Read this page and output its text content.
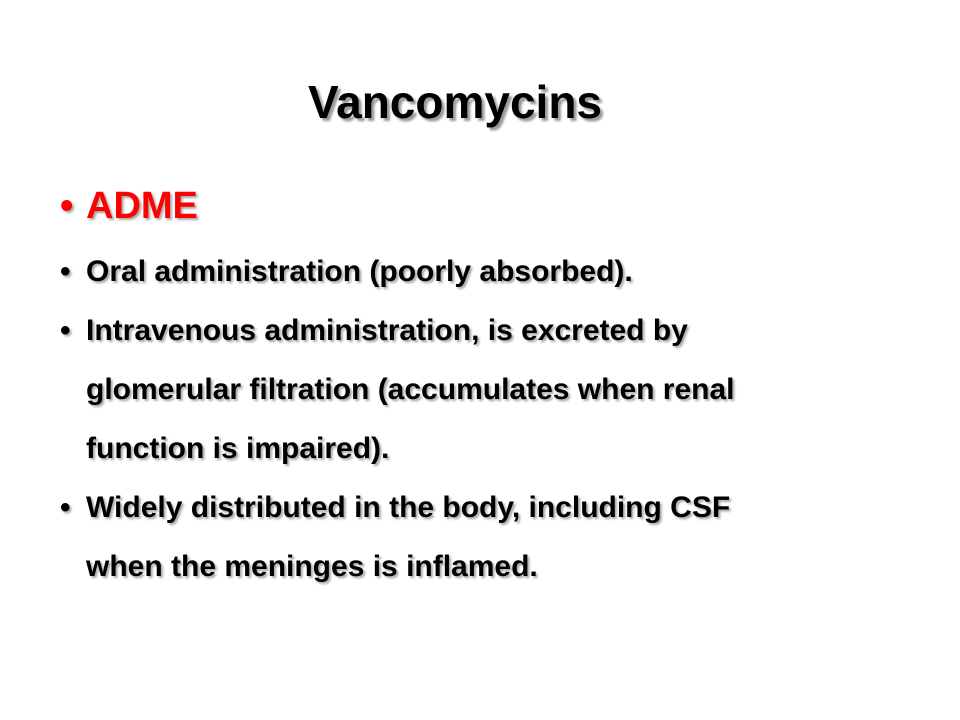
Vancomycins
• ADME
• Oral administration (poorly absorbed).
• Intravenous administration, is excreted by
glomerular filtration (accumulates when renal
function is impaired).
• Widely distributed in the body, including CSF
when the meninges is inflamed.
